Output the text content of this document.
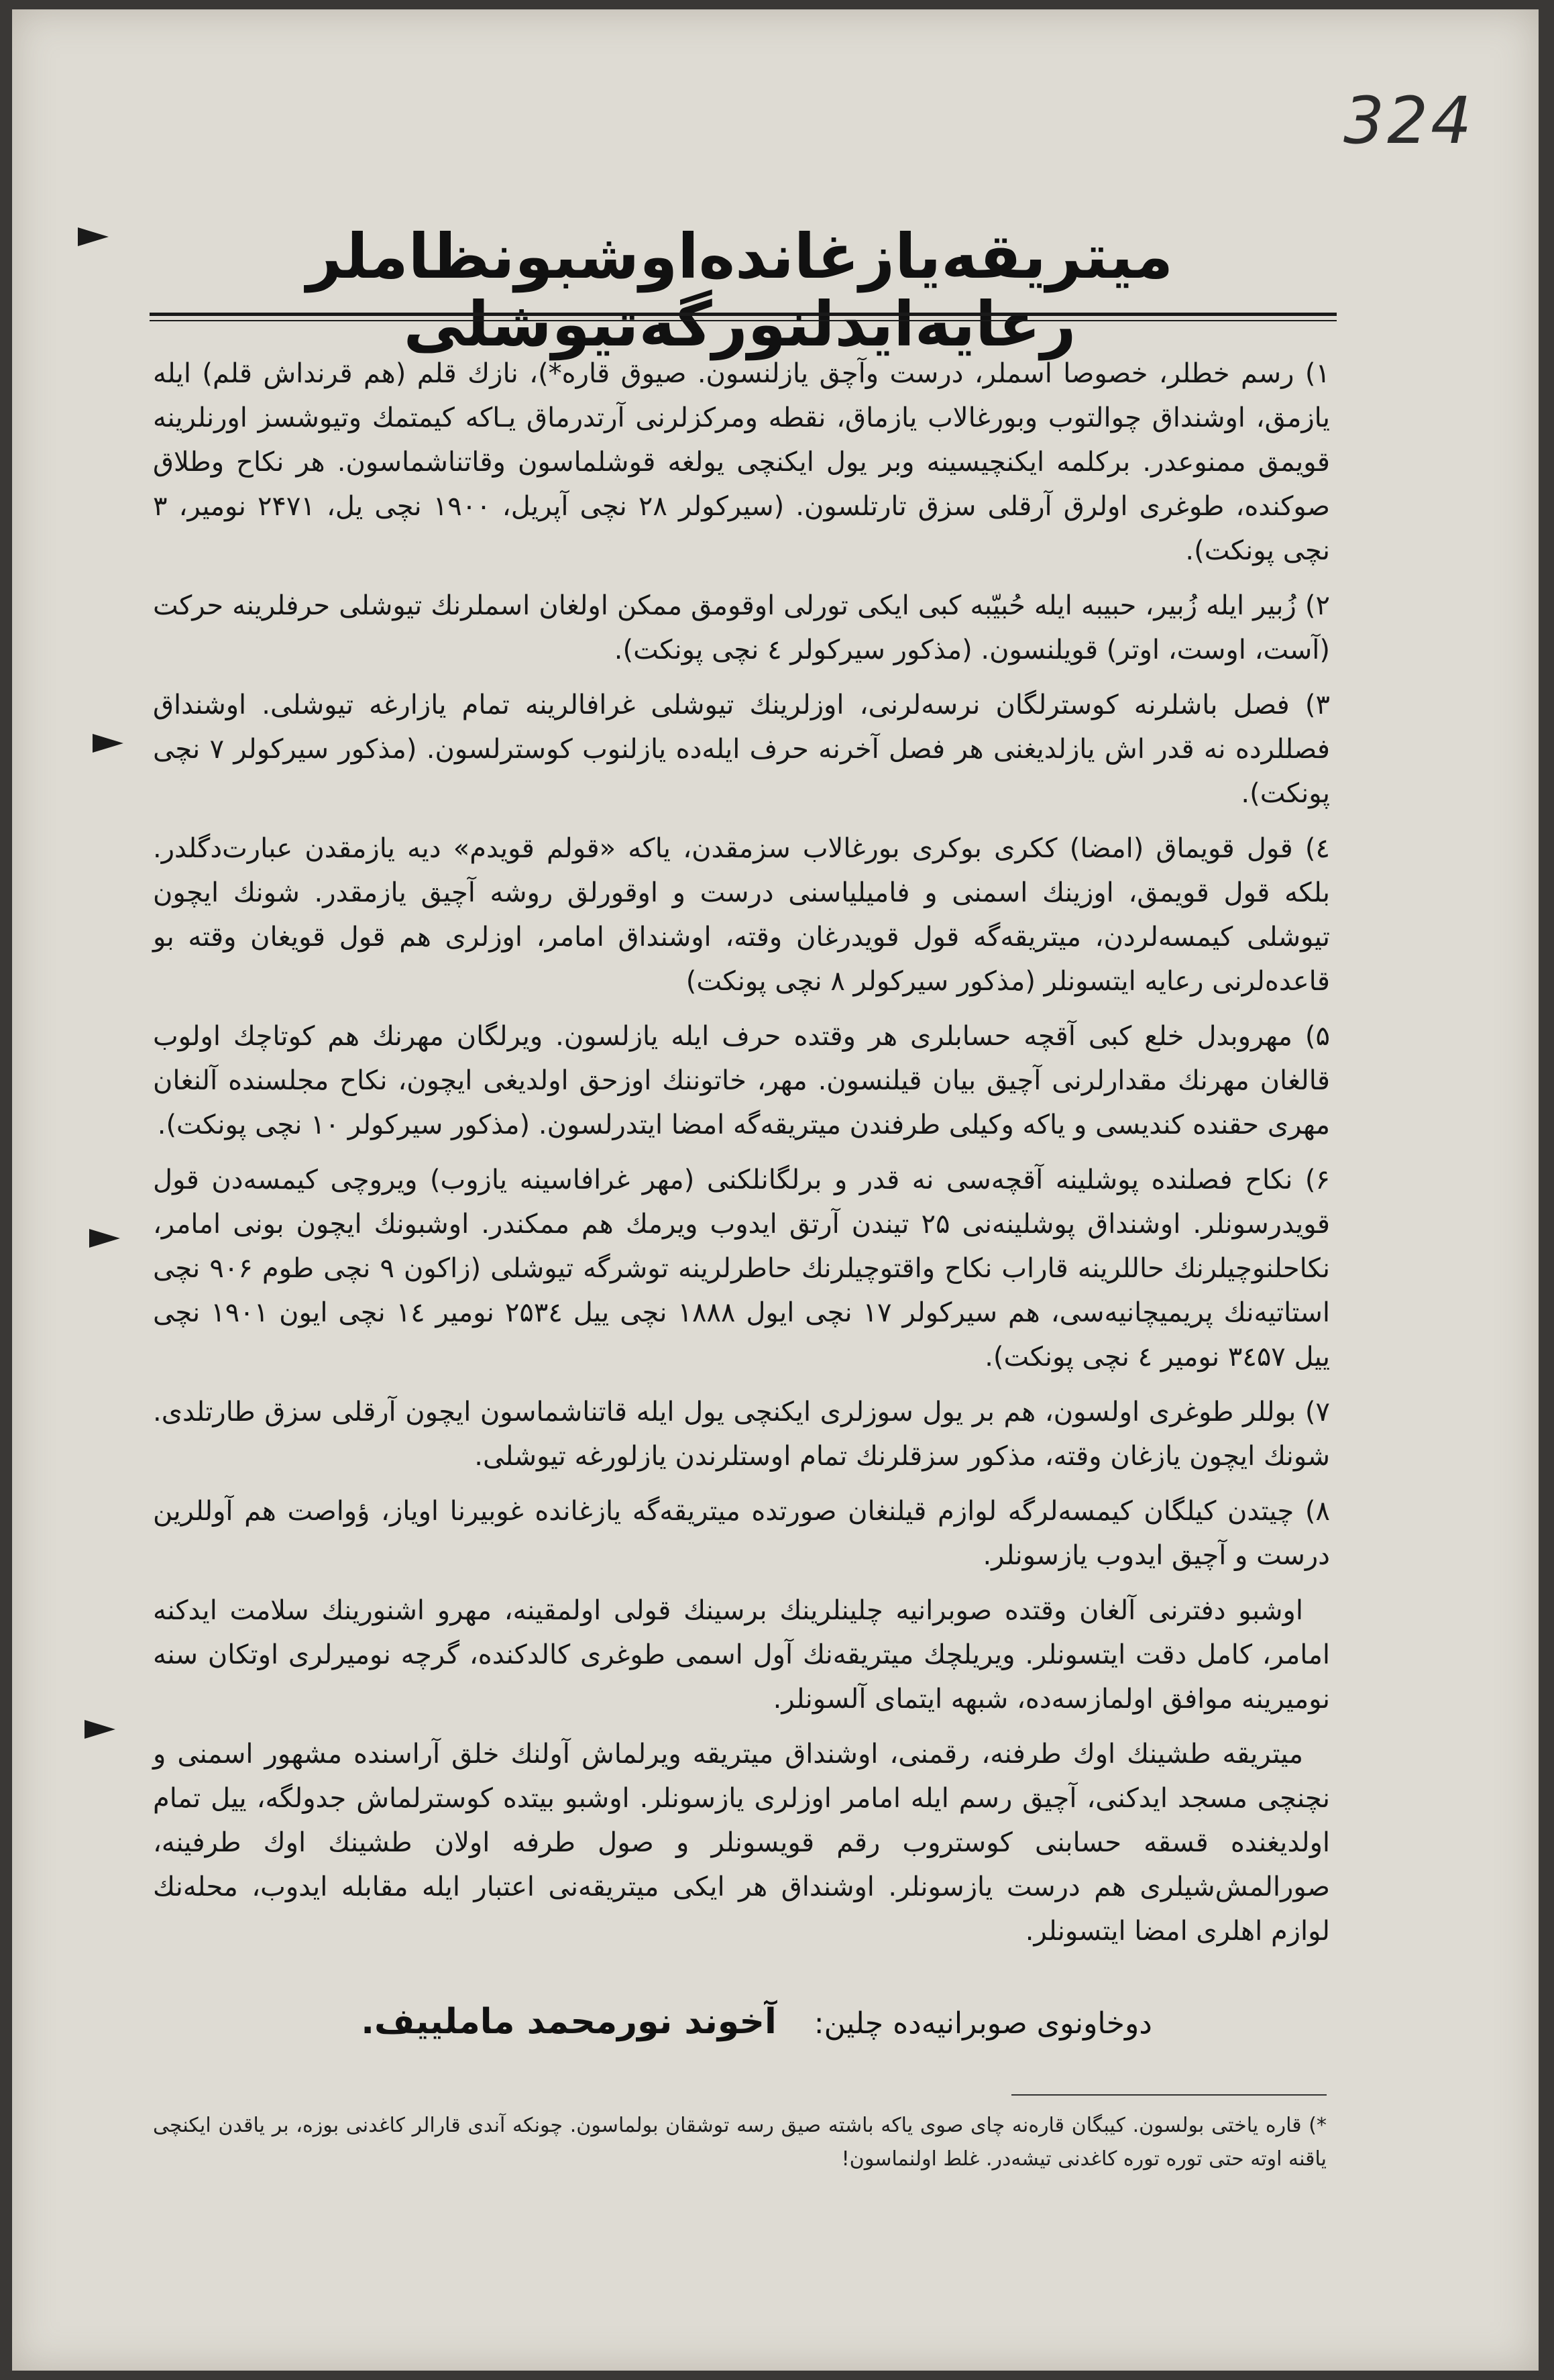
324
میتریقه‌یازغانده‌اوشبونظاملر رعایه‌ایدلنورگه‌تیوشلی

۱) رسم خطلر، خصوصا اسملر، درست وآچق یازلنسون. صیوق قاره*)، نازك قلم (هم قرنداش قلم) ایله یازمق، اوشنداق چوالتوب وبورغالاب یازماق، نقطه ومرکزلرنی آرتدرماق یـاکه کیمتمك وتیوشسز اورنلرینه قویمق ممنوعدر. برکلمه ایکنچیسینه وبر یول ایکنچی یولغه قوشلماسون وقاتناشماسون. هر نکاح وطلاق صوکنده، طوغری اولرق آرقلی سزق تارتلسون. (سیرکولر ۲۸ نچی آپریل، ۱۹۰۰ نچی یل، ۲۴۷۱ نومیر، ۳ نچی پونکت).

۲) زُبیر ایله زُبیر، حبیبه ایله حُبیّبه کبی ایکی تورلی اوقومق ممکن اولغان اسملرنك تیوشلی حرفلرینه حرکت (آست، اوست، اوتر) قویلنسون. (مذکور سیرکولر ٤ نچی پونکت).

۳) فصل باشلرنه کوسترلگان نرسه‌لرنی، اوزلرینك تیوشلی غرافالرینه تمام یازارغه تیوشلی. اوشنداق فصللرده نه قدر اش یازلدیغنی هر فصل آخرنه حرف ایله‌ده یازلنوب کوسترلسون. (مذکور سیرکولر ۷ نچی پونکت).

٤) قول قویماق (امضا) ککری بوکری بورغالاب سزمقدن، یاکه «قولم قویدم» دیه یازمقدن عبارت‌دگلدر. بلکه قول قویمق، اوزینك اسمنی و فامیلیاسنی درست و اوقورلق روشه آچیق یازمقدر. شونك ایچون تیوشلی کیمسه‌لردن، میتریقه‌گه قول قویدرغان وقته، اوشنداق امامر، اوزلری هم قول قویغان وقته بو قاعده‌لرنی رعایه ایتسونلر (مذکور سیرکولر ۸ نچی پونکت)

۵) مهروبدل خلع کبی آقچه حسابلری هر وقتده حرف ایله یازلسون. ویرلگان مهرنك هم کوتاچك اولوب قالغان مهرنك مقدارلرنی آچیق بیان قیلنسون. مهر، خاتوننك اوزحق اولدیغی ایچون، نکاح مجلسنده آلنغان مهری حقنده کندیسی و یاکه وکیلی طرفندن میتریقه‌گه امضا ایتدرلسون. (مذکور سیرکولر ۱۰ نچی پونکت).

۶) نکاح فصلنده پوشلینه آقچه‌سی نه قدر و برلگانلکنی (مهر غرافاسینه یازوب) ویروچی کیمسه‌دن قول قویدرسونلر. اوشنداق پوشلینه‌نی ۲۵ تیندن آرتق ایدوب ویرمك هم ممکندر. اوشبونك ایچون بونی امامر، نکاحلنوچیلرنك حاللرینه قاراب نکاح واقتوچیلرنك حاطرلرینه توشرگه تیوشلی (زاکون ۹ نچی طوم ۹۰۶ نچی استاتیه‌نك پریمیچانیه‌سی، هم سیرکولر ۱۷ نچی ایول ۱۸۸۸ نچی ییل ۲۵۳٤ نومیر ۱٤ نچی ایون ۱۹۰۱ نچی ییل ۳٤۵۷ نومیر ٤ نچی پونکت).

۷) بوللر طوغری اولسون، هم بر یول سوزلری ایکنچی یول ایله قاتناشماسون ایچون آرقلی سزق طارتلدی. شونك ایچون یازغان وقته، مذکور سزقلرنك تمام اوستلرندن یازلورغه تیوشلی.

۸) چیتدن کیلگان کیمسه‌لرگه لوازم قیلنغان صورتده میتریقه‌گه یازغانده غوبیرنا اویاز، ؤواصت هم آوللرین درست و آچیق ایدوب یازسونلر.

اوشبو دفترنی آلغان وقتده صوبرانیه چلینلرینك برسینك قولی اولمقینه، مهرو اشنورینك سلامت ایدکنه امامر، کامل دقت ایتسونلر. ویریلچك میتریقه‌نك آول اسمی طوغری کالدکنده، گرچه نومیرلری اوتکان سنه نومیرینه موافق اولمازسه‌ده، شبهه ایتمای آلسونلر.

میتریقه طشینك اوك طرفنه، رقمنی، اوشنداق میتریقه ویرلماش آولنك خلق آراسنده مشهور اسمنی و نچنچی مسجد ایدکنی، آچیق رسم ایله امامر اوزلری یازسونلر. اوشبو بیتده کوسترلماش جدولگه، ییل تمام اولدیغنده قسقه حسابنی کوستروب رقم قویسونلر و صول طرفه اولان طشینك اوك طرفینه، صورالمش‌شیلری هم درست یازسونلر. اوشنداق هر ایکی میتریقه‌نی اعتبار ایله مقابله ایدوب، محله‌نك لوازم اهلری امضا ایتسونلر.

دوخاونوی صوبرانیه‌ده چلین:    آخوند نورمحمد ماملییف.
*) قاره یاختی بولسون. کیبگان قاره‌نه چای صوی یاکه باشته صیق رسه توشقان بولماسون. چونکه آندی قارالر کاغدنی بوزه، بر یاقدن ایکنچی یاقنه اوته حتی توره توره کاغدنی تیشه‌در. غلط اولنماسون!
